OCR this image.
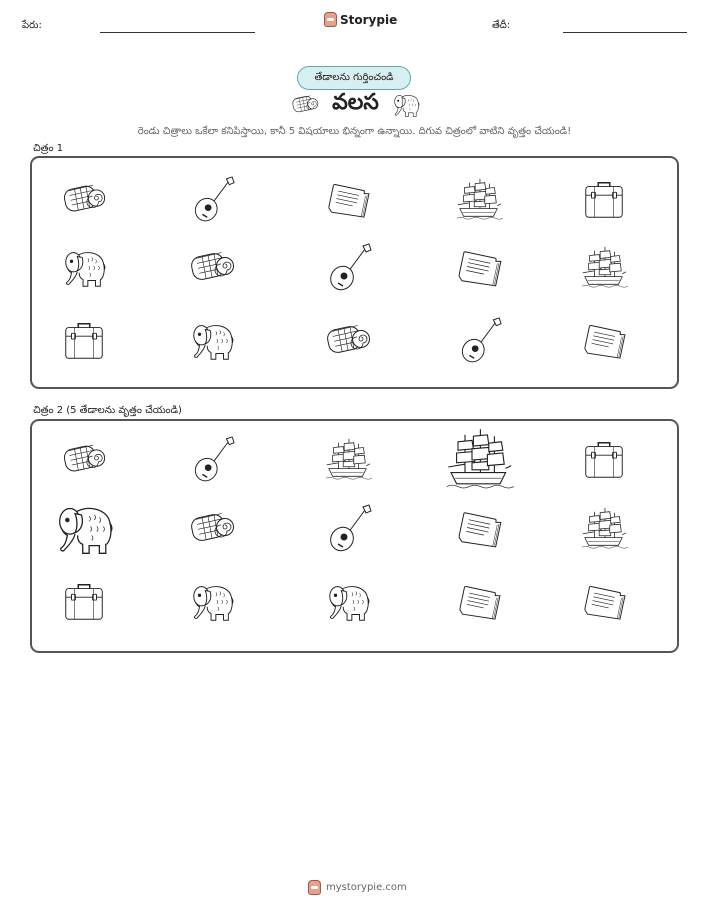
పేరు:	Storypie	తేదీ:
తేడాలను గుర్తించండి
వలస
రెండు చిత్రాలు ఒకేలా కనిపిస్తాయి, కానీ 5 విషయాలు భిన్నంగా ఉన్నాయి. దిగువ చిత్రంలో వాటిని వృత్తం చేయండి!
చిత్రం 1
చిత్రం 2 (5 తేడాలను వృత్తం చేయండి)
mystorypie.com
